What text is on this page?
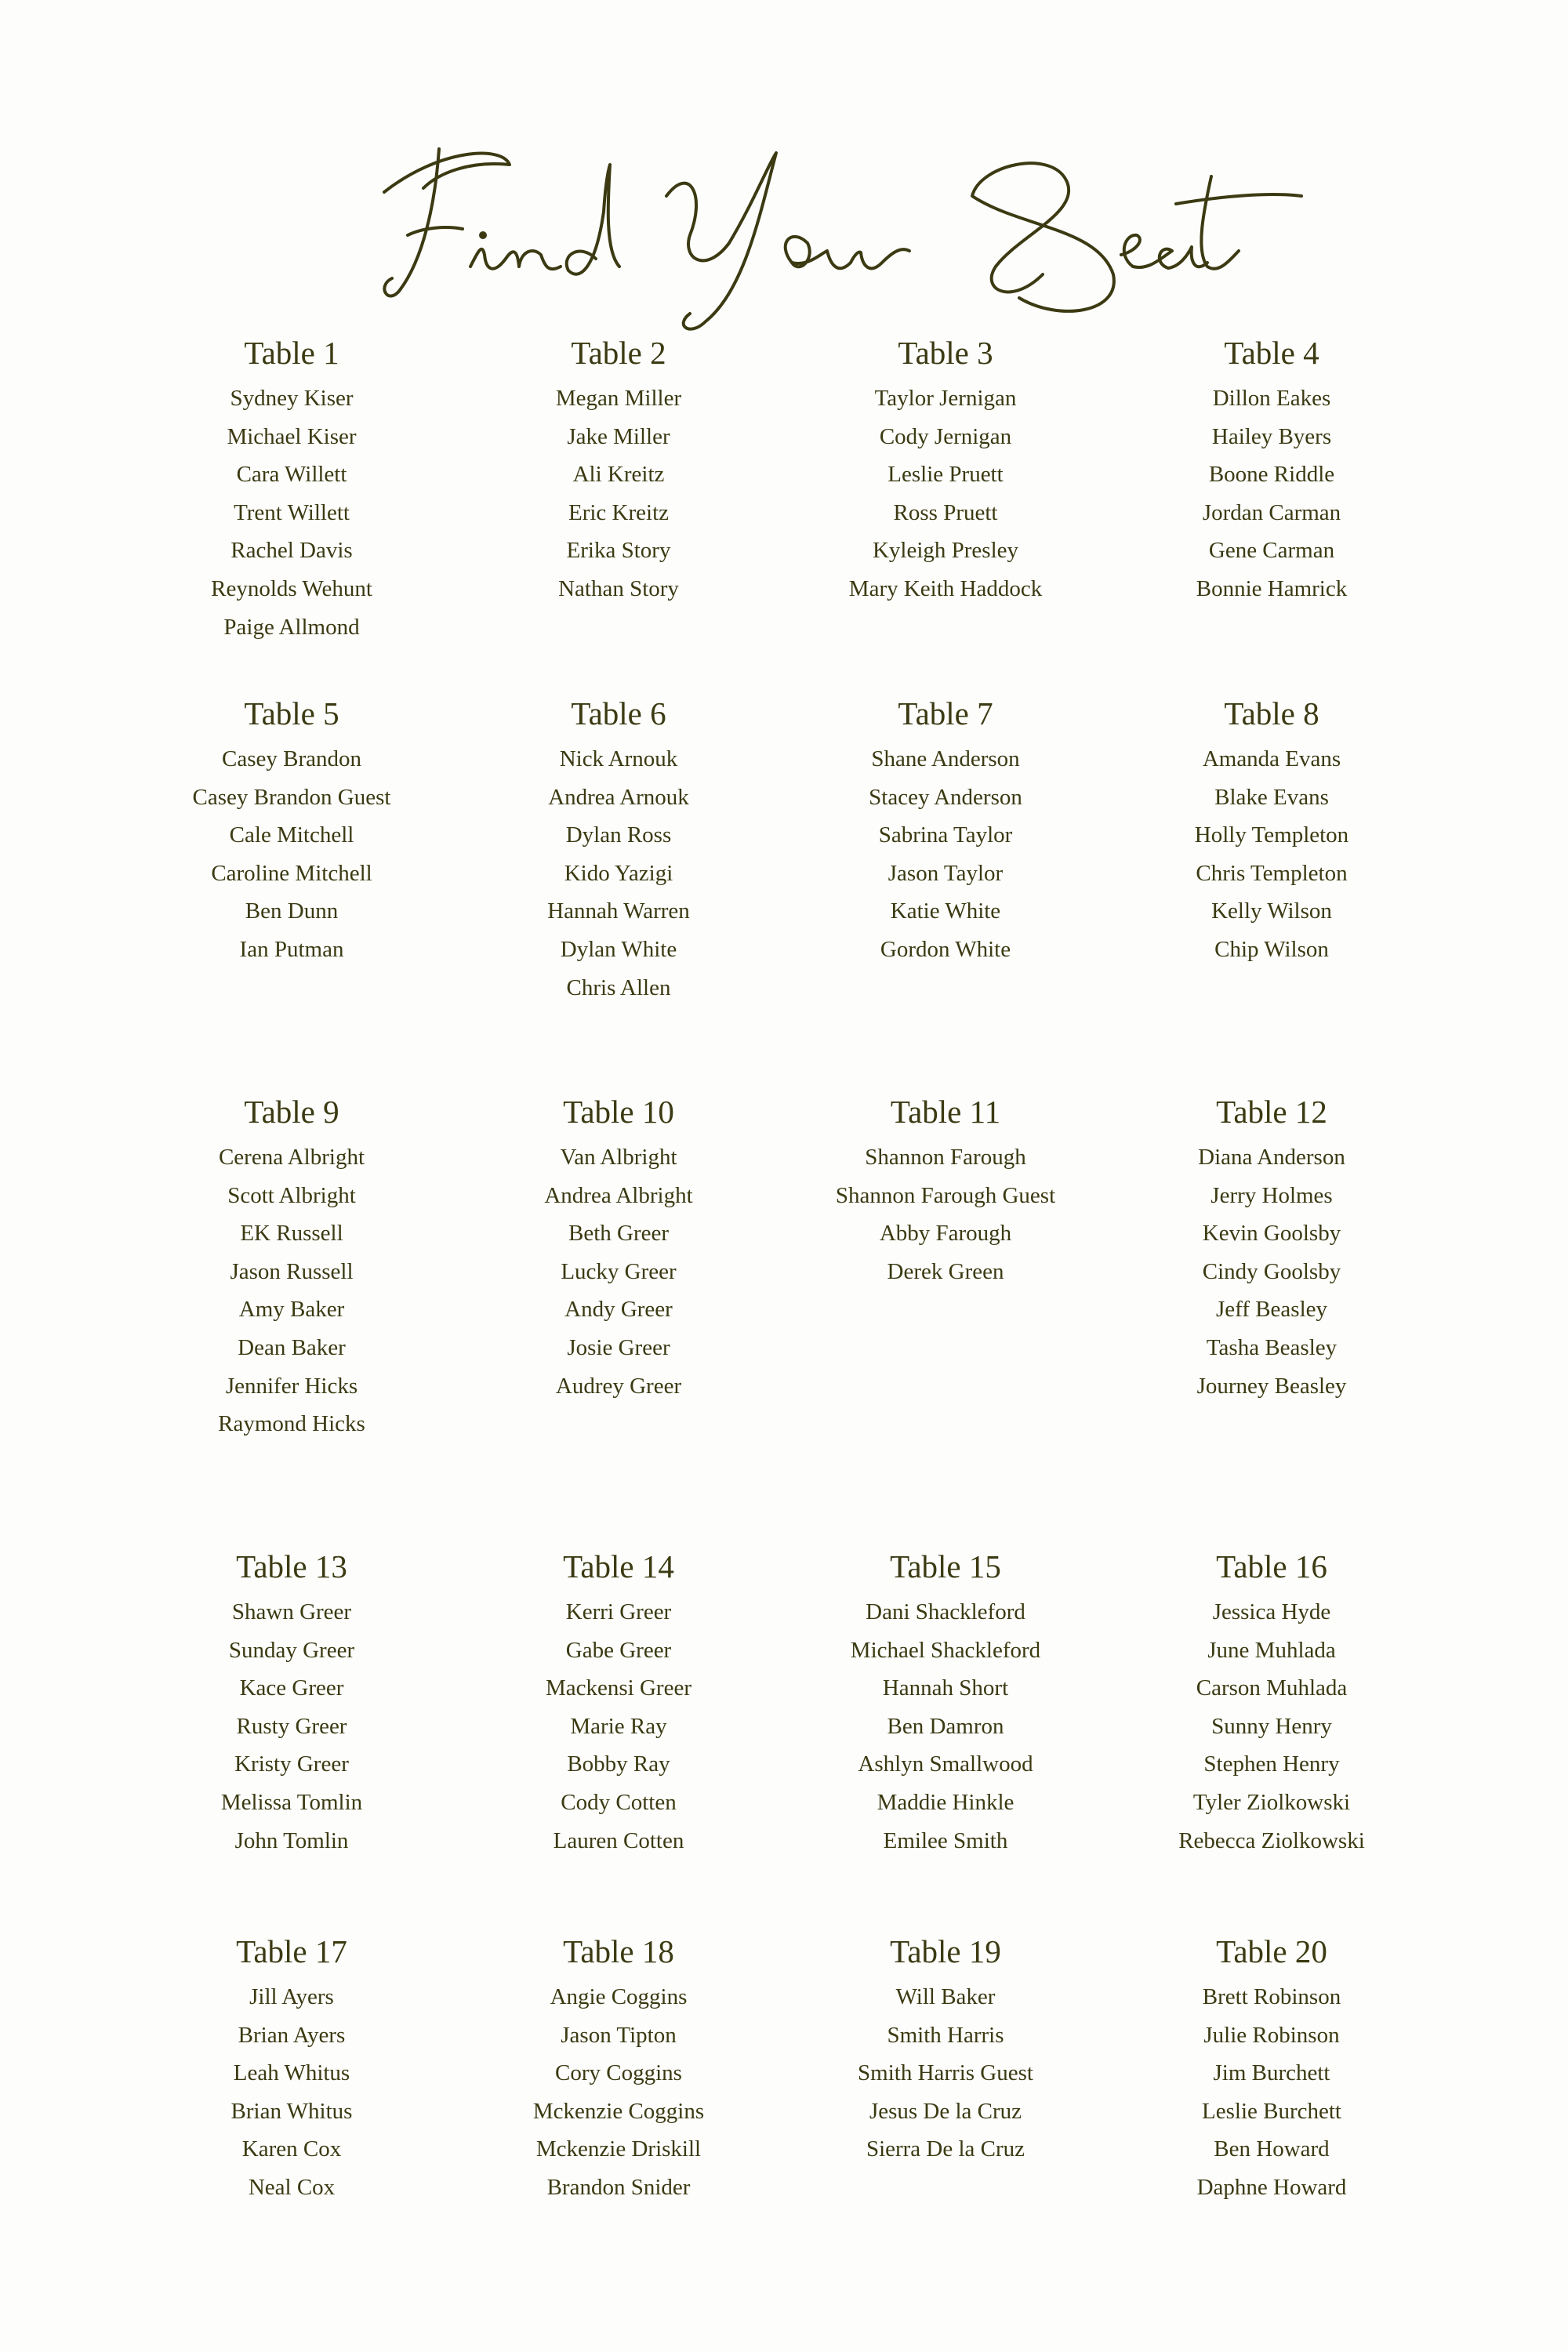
Table 1
Sydney Kiser
Michael Kiser
Cara Willett
Trent Willett
Rachel Davis
Reynolds Wehunt
Paige Allmond
Table 2
Megan Miller
Jake Miller
Ali Kreitz
Eric Kreitz
Erika Story
Nathan Story
Table 3
Taylor Jernigan
Cody Jernigan
Leslie Pruett
Ross Pruett
Kyleigh Presley
Mary Keith Haddock
Table 4
Dillon Eakes
Hailey Byers
Boone Riddle
Jordan Carman
Gene Carman
Bonnie Hamrick
Table 5
Casey Brandon
Casey Brandon Guest
Cale Mitchell
Caroline Mitchell
Ben Dunn
Ian Putman
Table 6
Nick Arnouk
Andrea Arnouk
Dylan Ross
Kido Yazigi
Hannah Warren
Dylan White
Chris Allen
Table 7
Shane Anderson
Stacey Anderson
Sabrina Taylor
Jason Taylor
Katie White
Gordon White
Table 8
Amanda Evans
Blake Evans
Holly Templeton
Chris Templeton
Kelly Wilson
Chip Wilson
Table 9
Cerena Albright
Scott Albright
EK Russell
Jason Russell
Amy Baker
Dean Baker
Jennifer Hicks
Raymond Hicks
Table 10
Van Albright
Andrea Albright
Beth Greer
Lucky Greer
Andy Greer
Josie Greer
Audrey Greer
Table 11
Shannon Farough
Shannon Farough Guest
Abby Farough
Derek Green
Table 12
Diana Anderson
Jerry Holmes
Kevin Goolsby
Cindy Goolsby
Jeff Beasley
Tasha Beasley
Journey Beasley
Table 13
Shawn Greer
Sunday Greer
Kace Greer
Rusty Greer
Kristy Greer
Melissa Tomlin
John Tomlin
Table 14
Kerri Greer
Gabe Greer
Mackensi Greer
Marie Ray
Bobby Ray
Cody Cotten
Lauren Cotten
Table 15
Dani Shackleford
Michael Shackleford
Hannah Short
Ben Damron
Ashlyn Smallwood
Maddie Hinkle
Emilee Smith
Table 16
Jessica Hyde
June Muhlada
Carson Muhlada
Sunny Henry
Stephen Henry
Tyler Ziolkowski
Rebecca Ziolkowski
Table 17
Jill Ayers
Brian Ayers
Leah Whitus
Brian Whitus
Karen Cox
Neal Cox
Table 18
Angie Coggins
Jason Tipton
Cory Coggins
Mckenzie Coggins
Mckenzie Driskill
Brandon Snider
Table 19
Will Baker
Smith Harris
Smith Harris Guest
Jesus De la Cruz
Sierra De la Cruz
Table 20
Brett Robinson
Julie Robinson
Jim Burchett
Leslie Burchett
Ben Howard
Daphne Howard
